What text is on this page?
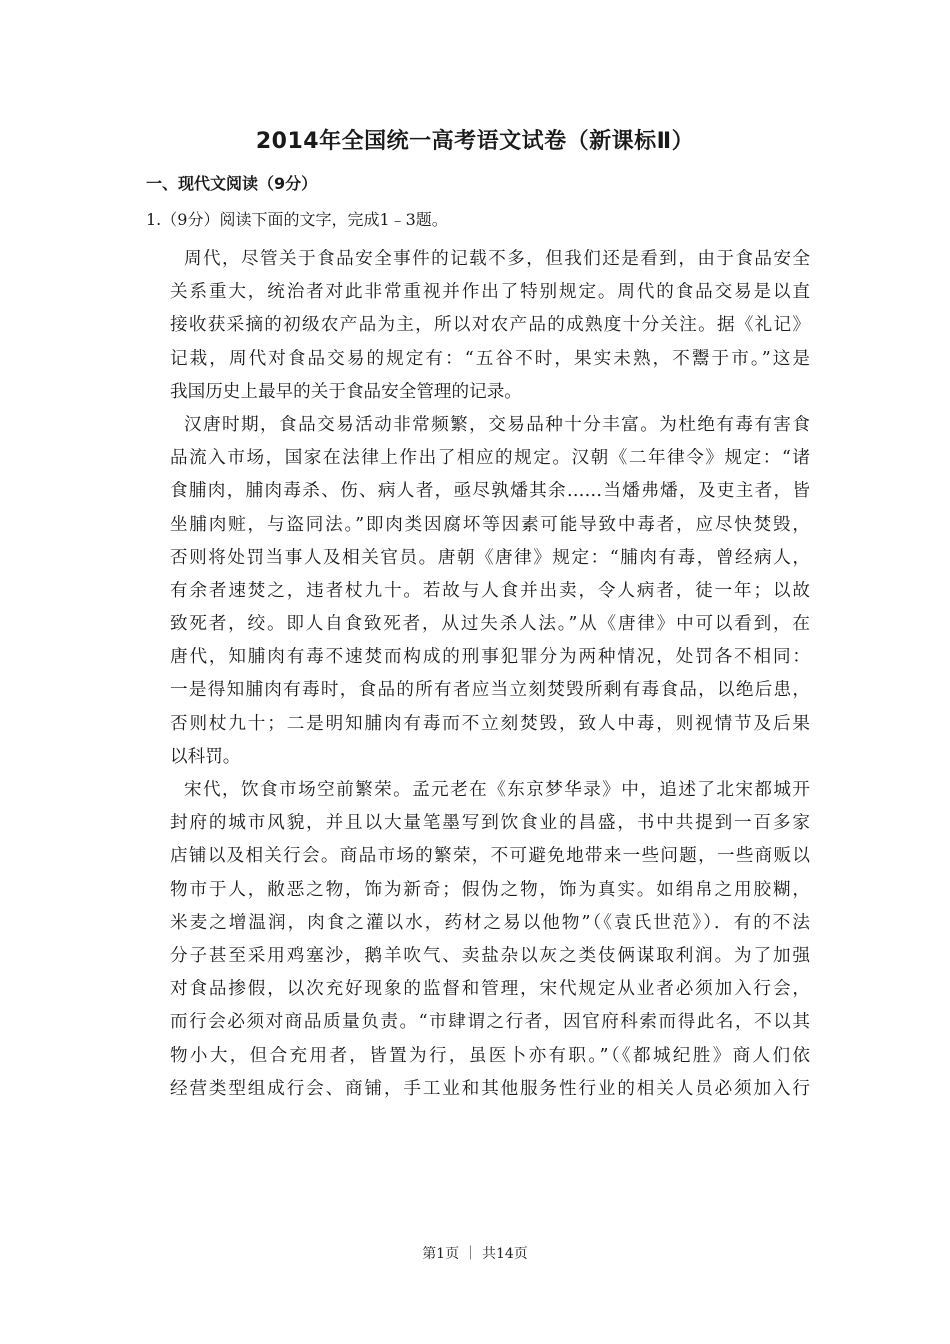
2014年全国统一高考语文试卷（新课标Ⅱ）
一、现代文阅读（9分）
1.（9分）阅读下面的文字，完成1﹣3题。
周代，尽管关于食品安全事件的记载不多，但我们还是看到，由于食品安全
关系重大，统治者对此非常重视并作出了特别规定。周代的食品交易是以直
接收获采摘的初级农产品为主，所以对农产品的成熟度十分关注。据《礼记》
记栽，周代对食品交易的规定有：“五谷不时，果实未熟，不鬻于市。”这是
我国历史上最早的关于食品安全管理的记录。
汉唐时期，食品交易活动非常频繁，交易品种十分丰富。为杜绝有毒有害食
品流入市场，国家在法律上作出了相应的规定。汉朝《二年律令》规定：“诸
食脯肉，脯肉毒杀、伤、病人者，亟尽孰燔其余……当燔弗燔，及吏主者，皆
坐脯肉赃，与盗同法。”即肉类因腐坏等因素可能导致中毒者，应尽快焚毁，
否则将处罚当事人及相关官员。唐朝《唐律》规定：“脯肉有毒，曾经病人，
有余者速焚之，违者杖九十。若故与人食并出卖，令人病者，徒一年；以故
致死者，绞。即人自食致死者，从过失杀人法。”从《唐律》中可以看到，在
唐代，知脯肉有毒不速焚而构成的刑事犯罪分为两种情况，处罚各不相同：
一是得知脯肉有毒时，食品的所有者应当立刻焚毁所剩有毒食品，以绝后患，
否则杖九十；二是明知脯肉有毒而不立刻焚毁，致人中毒，则视情节及后果
以科罚。
宋代，饮食市场空前繁荣。孟元老在《东京梦华录》中，追述了北宋都城开
封府的城市风貌，并且以大量笔墨写到饮食业的昌盛，书中共提到一百多家
店铺以及相关行会。商品市场的繁荣，不可避免地带来一些问题，一些商贩以
物市于人，敝恶之物，饰为新奇；假伪之物，饰为真实。如绢帛之用胶糊，
米麦之增温润，肉食之灌以水，药材之易以他物”（《袁氏世范》）．有的不法
分子甚至采用鸡塞沙，鹅羊吹气、卖盐杂以灰之类伎俩谋取利润。为了加强
对食品掺假，以次充好现象的监督和管理，宋代规定从业者必须加入行会，
而行会必须对商品质量负责。“市肆谓之行者，因官府科索而得此名，不以其
物小大，但合充用者，皆置为行，虽医卜亦有职。”（《都城纪胜》商人们依
经营类型组成行会、商铺，手工业和其他服务性行业的相关人员必须加入行
第1页 ｜ 共14页
